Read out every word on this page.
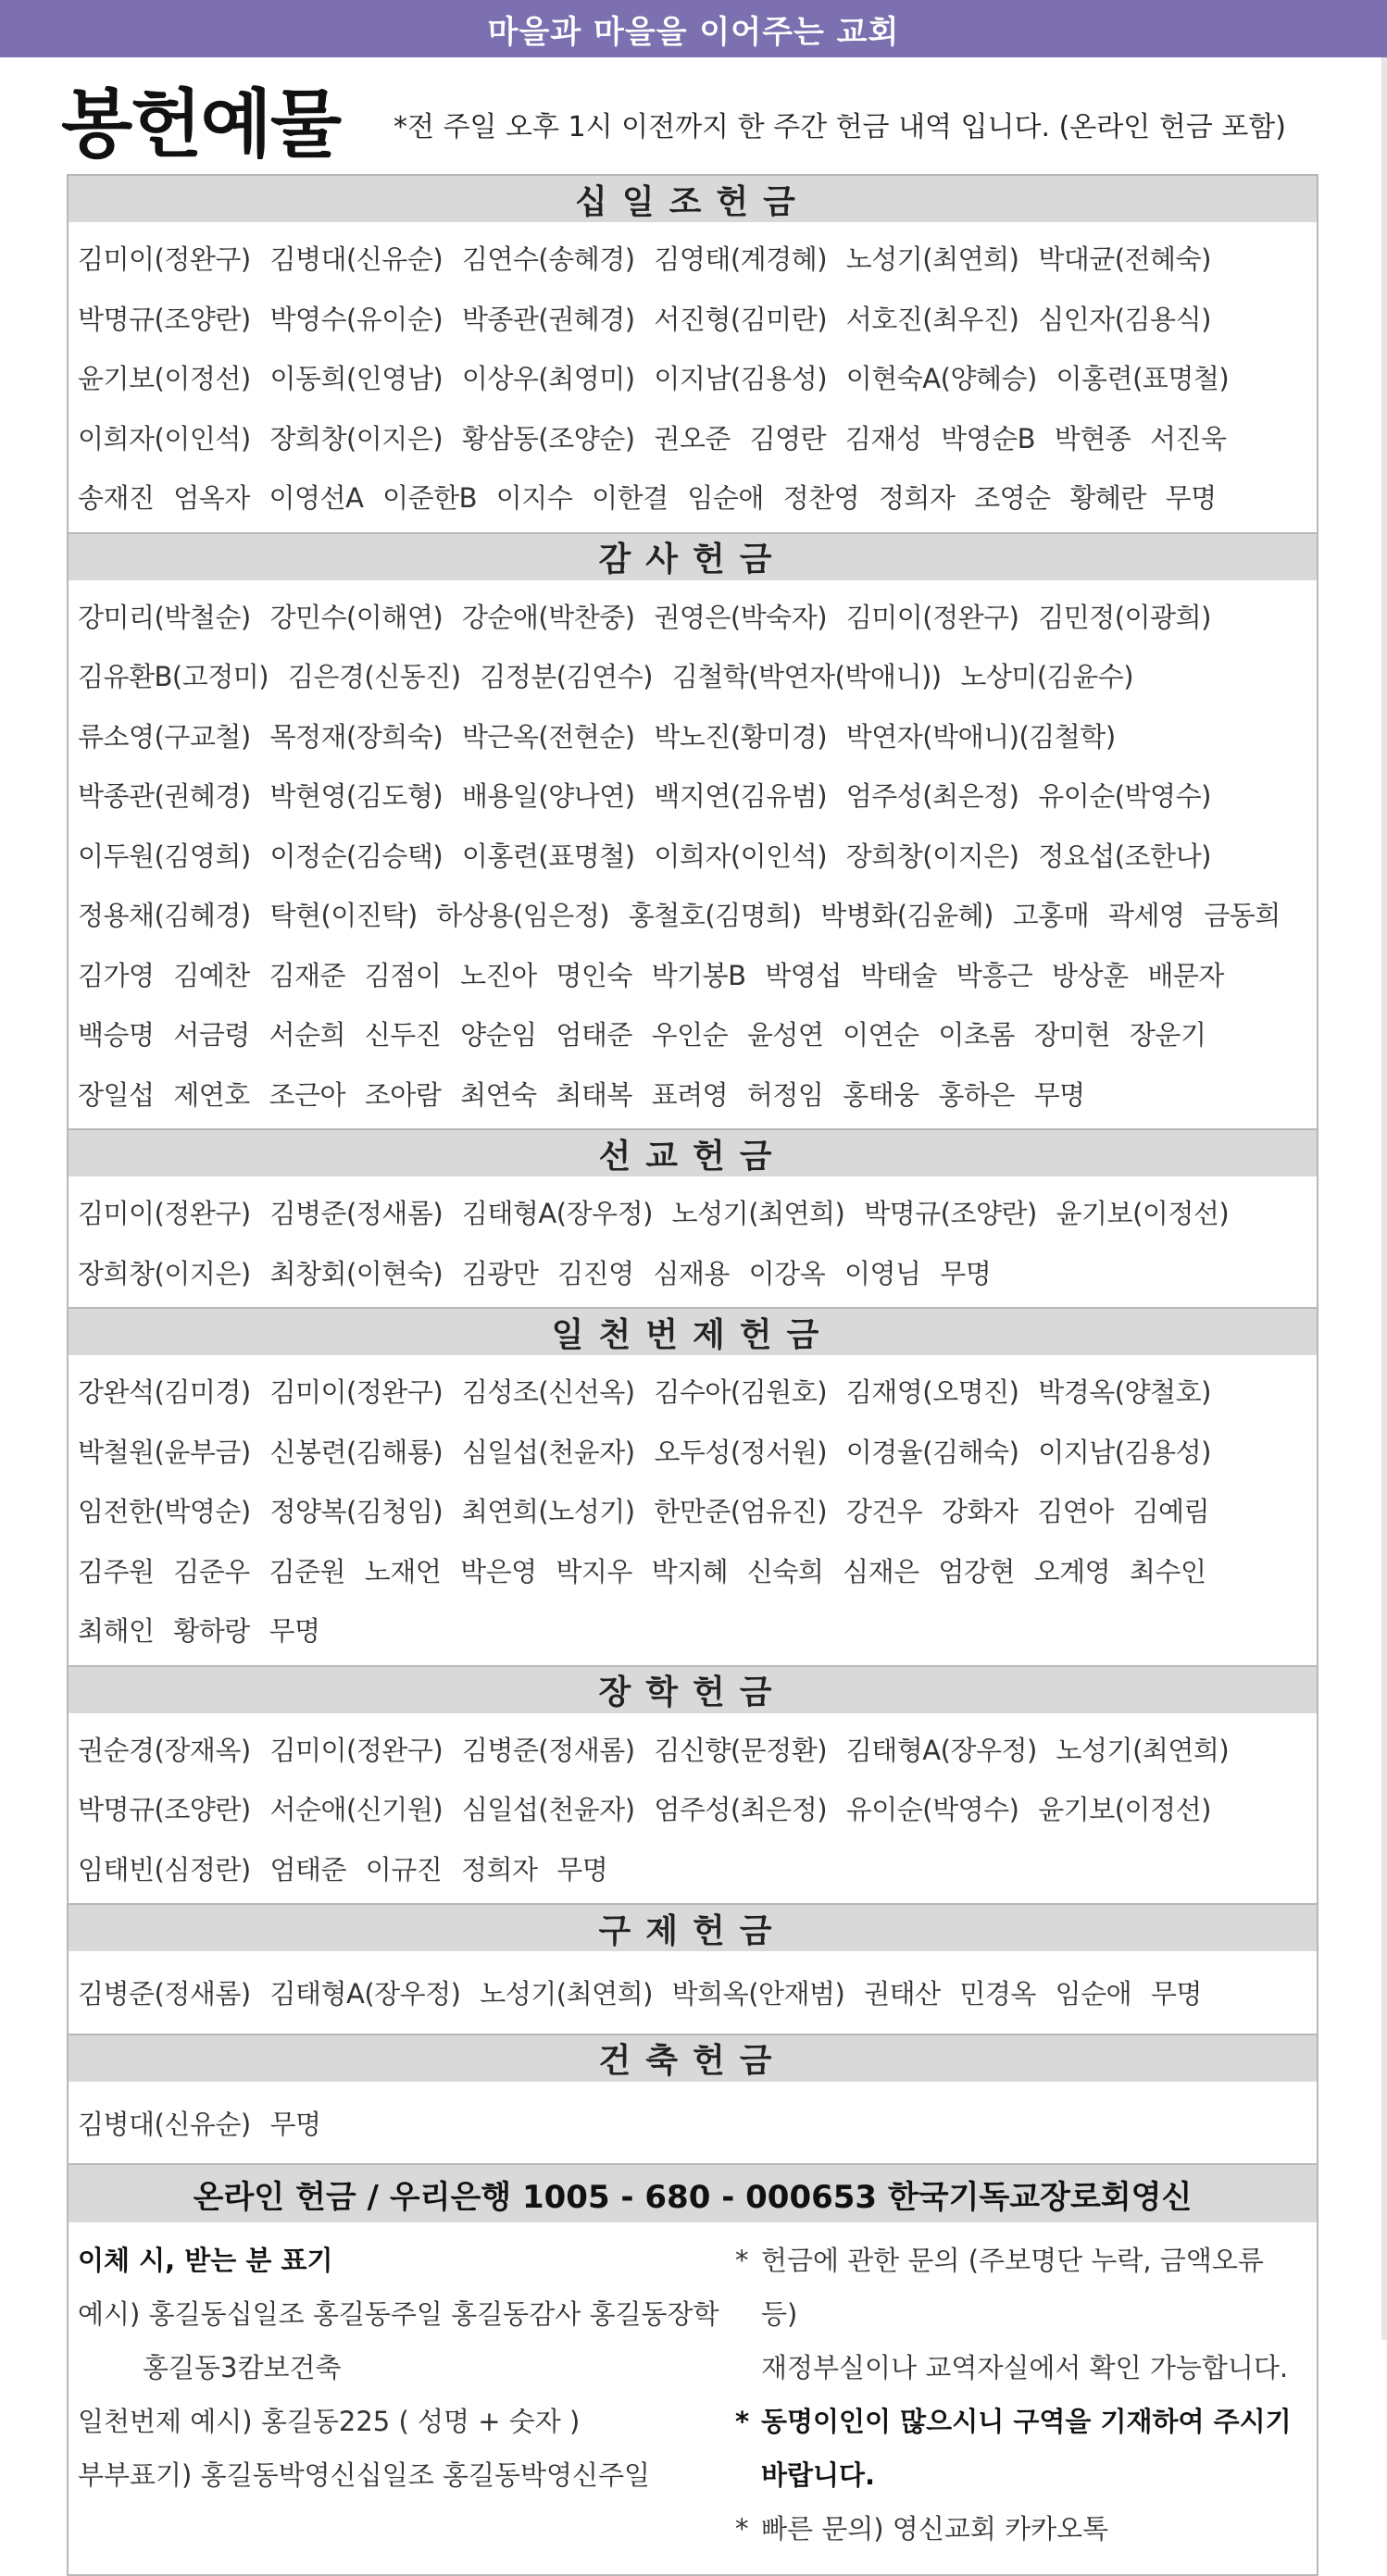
마을과 마을을 이어주는 교회
봉헌예물 *전 주일 오후 1시 이전까지 한 주간 헌금 내역 입니다. (온라인 헌금 포함)
십일조헌금
김미이(정완구) 김병대(신유순) 김연수(송혜경) 김영태(계경혜) 노성기(최연희) 박대균(전혜숙) 박명규(조양란) 박영수(유이순) 박종관(권혜경) 서진형(김미란) 서호진(최우진) 심인자(김용식) 윤기보(이정선) 이동희(인영남) 이상우(최영미) 이지남(김용성) 이현숙A(양혜승) 이홍련(표명철) 이희자(이인석) 장희창(이지은) 황삼동(조양순) 권오준 김영란 김재성 박영순B 박현종 서진욱 송재진 엄옥자 이영선A 이준한B 이지수 이한결 임순애 정찬영 정희자 조영순 황혜란 무명
감사헌금
강미리(박철순) 강민수(이해연) 강순애(박찬중) 권영은(박숙자) 김미이(정완구) 김민정(이광희) 김유환B(고정미) 김은경(신동진) 김정분(김연수) 김철학(박연자(박애니)) 노상미(김윤수) 류소영(구교철) 목정재(장희숙) 박근옥(전현순) 박노진(황미경) 박연자(박애니)(김철학) 박종관(권혜경) 박현영(김도형) 배용일(양나연) 백지연(김유범) 엄주성(최은정) 유이순(박영수) 이두원(김영희) 이정순(김승택) 이홍련(표명철) 이희자(이인석) 장희창(이지은) 정요섭(조한나) 정용채(김혜경) 탁현(이진탁) 하상용(임은정) 홍철호(김명희) 박병화(김윤혜) 고홍매 곽세영 금동희 김가영 김예찬 김재준 김점이 노진아 명인숙 박기봉B 박영섭 박태술 박흥근 방상훈 배문자 백승명 서금령 서순희 신두진 양순임 엄태준 우인순 윤성연 이연순 이초롬 장미현 장운기 장일섭 제연호 조근아 조아람 최연숙 최태복 표려영 허정임 홍태웅 홍하은 무명
선교헌금
김미이(정완구) 김병준(정새롬) 김태형A(장우정) 노성기(최연희) 박명규(조양란) 윤기보(이정선) 장희창(이지은) 최창회(이현숙) 김광만 김진영 심재용 이강옥 이영님 무명
일천번제헌금
강완석(김미경) 김미이(정완구) 김성조(신선옥) 김수아(김원호) 김재영(오명진) 박경옥(양철호) 박철원(윤부금) 신봉련(김해룡) 심일섭(천윤자) 오두성(정서원) 이경율(김해숙) 이지남(김용성) 임전한(박영순) 정양복(김청임) 최연희(노성기) 한만준(엄유진) 강건우 강화자 김연아 김예림 김주원 김준우 김준원 노재언 박은영 박지우 박지혜 신숙희 심재은 엄강현 오계영 최수인 최해인 황하랑 무명
장학헌금
권순경(장재옥) 김미이(정완구) 김병준(정새롬) 김신향(문정환) 김태형A(장우정) 노성기(최연희) 박명규(조양란) 서순애(신기원) 심일섭(천윤자) 엄주성(최은정) 유이순(박영수) 윤기보(이정선) 임태빈(심정란) 엄태준 이규진 정희자 무명
구제헌금
김병준(정새롬) 김태형A(장우정) 노성기(최연희) 박희옥(안재범) 권태산 민경옥 임순애 무명
건축헌금
김병대(신유순) 무명
온라인 헌금 / 우리은행 1005 - 680 - 000653 한국기독교장로회영신
이체 시, 받는 분 표기
예시) 홍길동십일조 홍길동주일 홍길동감사 홍길동장학
홍길동3캄보건축
일천번제 예시) 홍길동225 ( 성명 + 숫자 )
부부표기) 홍길동박영신십일조 홍길동박영신주일
* 헌금에 관한 문의 (주보명단 누락, 금액오류 등)
재정부실이나 교역자실에서 확인 가능합니다.
* 동명이인이 많으시니 구역을 기재하여 주시기
바랍니다.
* 빠른 문의) 영신교회 카카오톡
